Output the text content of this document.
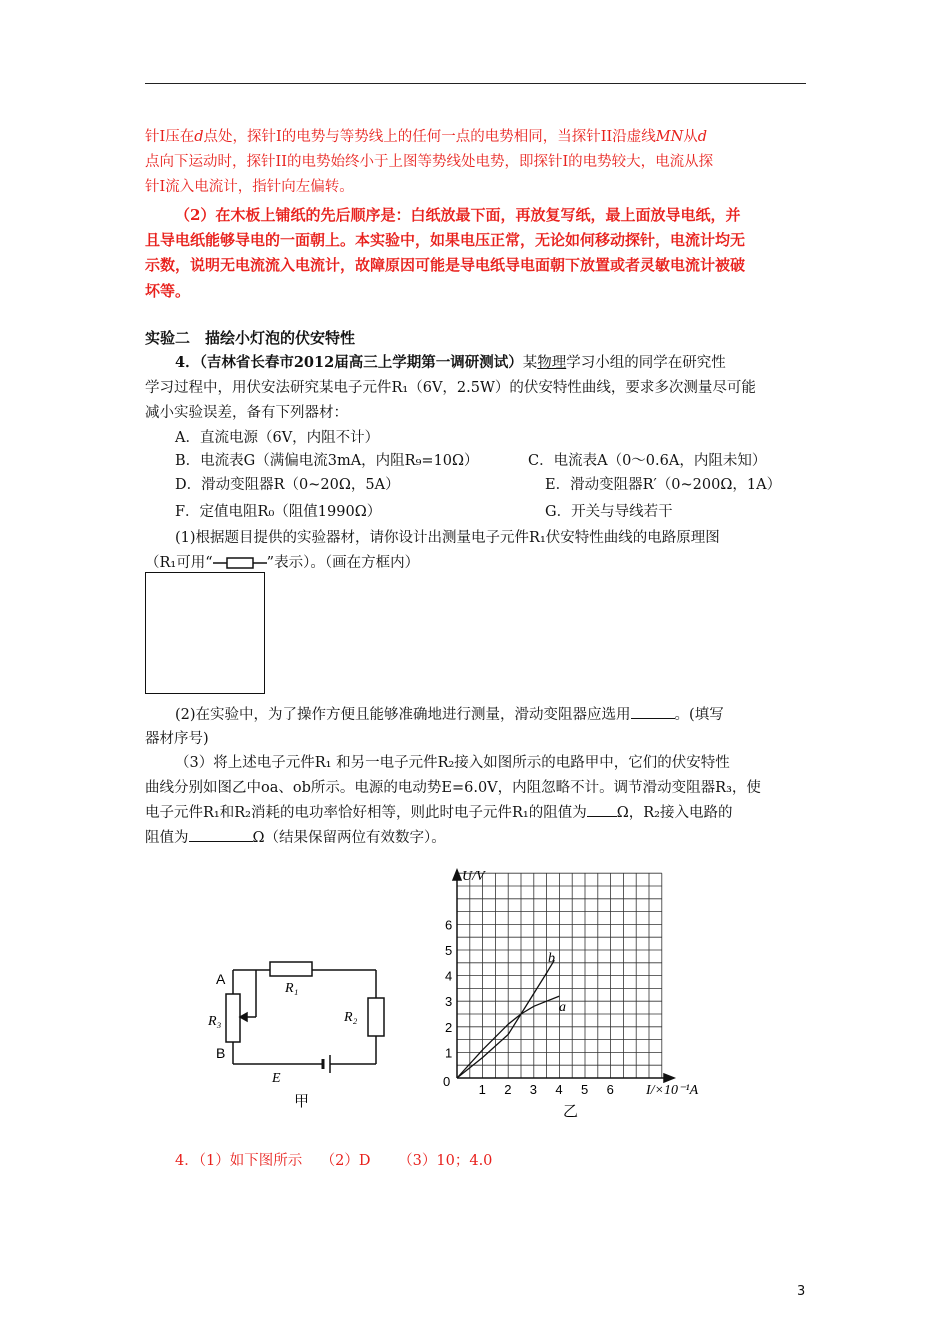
针Ⅰ压在d点处，探针Ⅰ的电势与等势线上的任何一点的电势相同，当探针II沿虚线MN从d
点向下运动时，探针II的电势始终小于上图等势线处电势，即探针Ⅰ的电势较大，电流从探
针Ⅰ流入电流计，指针向左偏转。
（2）在木板上铺纸的先后顺序是：白纸放最下面，再放复写纸，最上面放导电纸，并
且导电纸能够导电的一面朝上。本实验中，如果电压正常，无论如何移动探针，电流计均无
示数，说明无电流流入电流计，故障原因可能是导电纸导电面朝下放置或者灵敏电流计被破
坏等。
实验二　描绘小灯泡的伏安特性
4．（吉林省长春市2012届高三上学期第一调研测试）某物理学习小组的同学在研究性
学习过程中，用伏安法研究某电子元件R₁（6V，2.5W）的伏安特性曲线，要求多次测量尽可能
减小实验误差，备有下列器材：
A．直流电源（6V，内阻不计）
B．电流表G（满偏电流3mA，内阻R₉=10Ω）	C．电流表A（0～0.6A，内阻未知）
D．滑动变阻器R（0~20Ω，5A）	E．滑动变阻器R′（0~200Ω，1A）
F．定值电阻R₀（阻值1990Ω）	G．开关与导线若干
(1)根据题目提供的实验器材，请你设计出测量电子元件R₁伏安特性曲线的电路原理图
（R₁可用“	”表示）。（画在方框内）
(2)在实验中，为了操作方便且能够准确地进行测量，滑动变阻器应选用	。(填写
器材序号)
（3）将上述电子元件R₁ 和另一电子元件R₂接入如图所示的电路甲中，它们的伏安特性
曲线分别如图乙中oa、ob所示。电源的电动势E=6.0V，内阻忽略不计。调节滑动变阻器R₃，使
电子元件R₁和R₂消耗的电功率恰好相等，则此时电子元件R₁的阻值为 Ω，R₂接入电路的
阻值为	Ω（结果保留两位有效数字）。
A
B
R₁
R₂
R₃
E
甲
U/V
I/×10⁻¹A
0
1
2
3
4
5
6
1 2 3 4 5 6
a
b
乙
4．（1）如下图所示 （2）D （3）10；4.0
3
